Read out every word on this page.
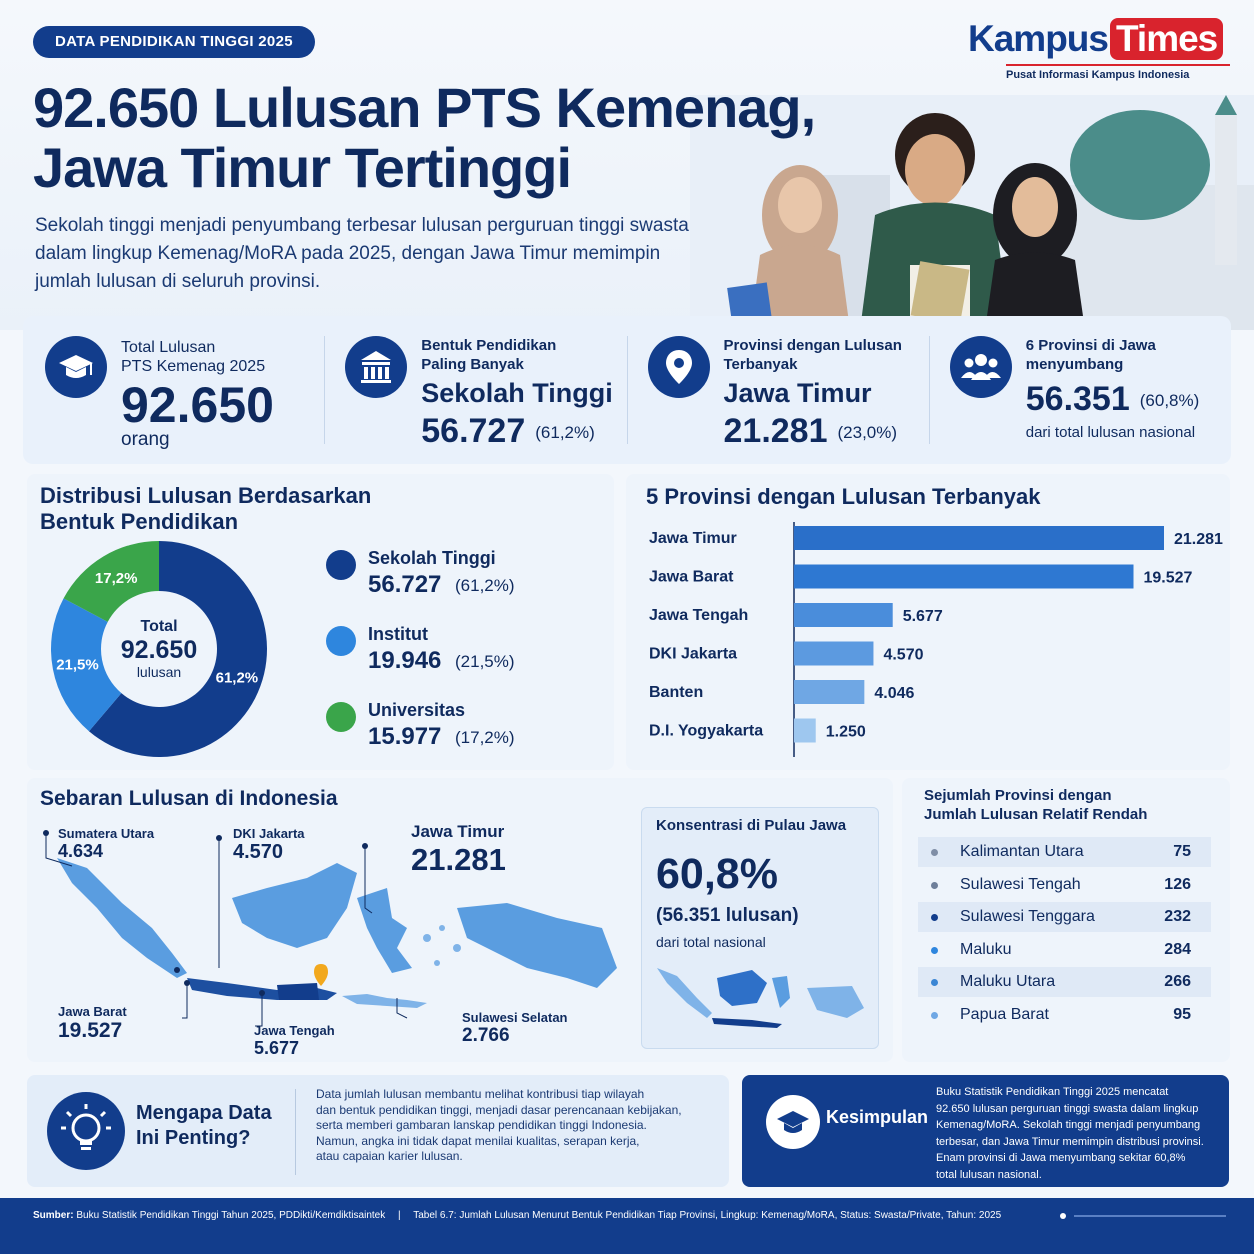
DATA PENDIDIKAN TINGGI 2025	Kampus Times
Pusat Informasi Kampus Indonesia
92.650 Lulusan PTS Kemenag,
Jawa Timur Tertinggi
Sekolah tinggi menjadi penyumbang terbesar lulusan perguruan tinggi swasta dalam lingkup Kemenag/MoRA pada 2025, dengan Jawa Timur memimpin jumlah lulusan di seluruh provinsi.
Total Lulusan
PTS Kemenag 2025
92.650
orang
Bentuk Pendidikan
Paling Banyak
Sekolah Tinggi
56.727 (61,2%)
Provinsi dengan Lulusan
Terbanyak
Jawa Timur
21.281 (23,0%)
6 Provinsi di Jawa
menyumbang
56.351 (60,8%)
dari total lulusan nasional
Distribusi Lulusan Berdasarkan
Bentuk Pendidikan
61,2%
21,5%
17,2%
Total
92.650
lulusan
Sekolah Tinggi
56.727 (61,2%)
Institut
19.946 (21,5%)
Universitas
15.977 (17,2%)
5 Provinsi dengan Lulusan Terbanyak
Jawa Timur	21.281
Jawa Barat	19.527
Jawa Tengah	5.677
DKI Jakarta	4.570
Banten	4.046
D.I. Yogyakarta	1.250
Sebaran Lulusan di Indonesia
Sumatera Utara
4.634
DKI Jakarta
4.570
Jawa Timur
21.281
Jawa Barat
19.527	Jawa Tengah
5.677
Sulawesi Selatan
2.766
Konsentrasi di Pulau Jawa
60,8%
(56.351 lulusan)
dari total nasional
Sejumlah Provinsi dengan
Jumlah Lulusan Relatif Rendah
Kalimantan Utara	75
Sulawesi Tengah	126
Sulawesi Tenggara	232
Maluku	284
Maluku Utara	266
Papua Barat	95
Mengapa Data
Ini Penting?
Data jumlah lulusan membantu melihat kontribusi tiap wilayah
dan bentuk pendidikan tinggi, menjadi dasar perencanaan kebijakan,
serta memberi gambaran lanskap pendidikan tinggi Indonesia.
Namun, angka ini tidak dapat menilai kualitas, serapan kerja,
atau capaian karier lulusan.
Kesimpulan
Buku Statistik Pendidikan Tinggi 2025 mencatat
92.650 lulusan perguruan tinggi swasta dalam lingkup
Kemenag/MoRA. Sekolah tinggi menjadi penyumbang
terbesar, dan Jawa Timur memimpin distribusi provinsi.
Enam provinsi di Jawa menyumbang sekitar 60,8%
total lulusan nasional.
Sumber: Buku Statistik Pendidikan Tinggi Tahun 2025, PDDikti/Kemdiktisaintek | Tabel 6.7: Jumlah Lulusan Menurut Bentuk Pendidikan Tiap Provinsi, Lingkup: Kemenag/MoRA, Status: Swasta/Private, Tahun: 2025
